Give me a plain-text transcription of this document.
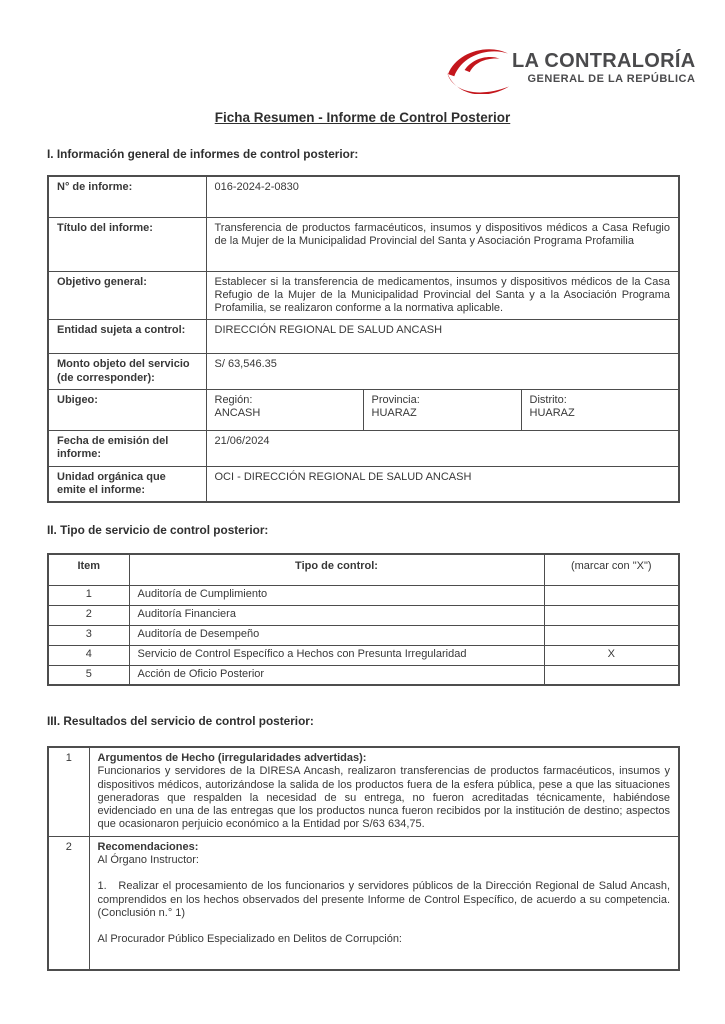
LA CONTRALORÍA
GENERAL DE LA REPÚBLICA
Ficha Resumen - Informe de Control Posterior
I. Información general de informes de control posterior:
N° de informe:	016-2024-2-0830		
Título del informe:	Transferencia de productos farmacéuticos, insumos y dispositivos médicos a Casa Refugio de la Mujer de la Municipalidad Provincial del Santa y Asociación Programa Profamilia		
Objetivo general:	Establecer si la transferencia de medicamentos, insumos y dispositivos médicos de la Casa Refugio de la Mujer de la Municipalidad Provincial del Santa y a la Asociación Programa Profamilia, se realizaron conforme a la normativa aplicable.		
Entidad sujeta a control:	DIRECCIÓN REGIONAL DE SALUD ANCASH		
Monto objeto del servicio (de corresponder):	S/ 63,546.35		
Ubigeo:	Región:
ANCASH

Provincia:
HUARAZ

Distrito:
HUARAZ

Fecha de emisión del informe:	21/06/2024		
Unidad orgánica que emite el informe:	OCI - DIRECCIÓN REGIONAL DE SALUD ANCASH		
II. Tipo de servicio de control posterior:
Item	Tipo de control:	(marcar con "X")
1	Auditoría de Cumplimiento	
2	Auditoría Financiera	
3	Auditoría de Desempeño	
4	Servicio de Control Específico a Hechos con Presunta Irregularidad	X
5	Acción de Oficio Posterior	
III. Resultados del servicio de control posterior:
1	Argumentos de Hecho (irregularidades advertidas):
Funcionarios y servidores de la DIRESA Ancash, realizaron transferencias de productos farmacéuticos, insumos y dispositivos médicos, autorizándose la salida de los productos fuera de la esfera pública, pese a que las situaciones generadoras que respalden la necesidad de su entrega, no fueron acreditadas técnicamente, habiéndose evidenciado en una de las entregas que los productos nunca fueron recibidos por la institución de destino; aspectos que ocasionaron perjuicio económico a la Entidad por S/63 634,75.

2	Recomendaciones:
Al Órgano Instructor:
1.   Realizar el procesamiento de los funcionarios y servidores públicos de la Dirección Regional de Salud Ancash, comprendidos en los hechos observados del presente Informe de Control Específico, de acuerdo a su competencia. (Conclusión n.° 1)
Al Procurador Público Especializado en Delitos de Corrupción:
